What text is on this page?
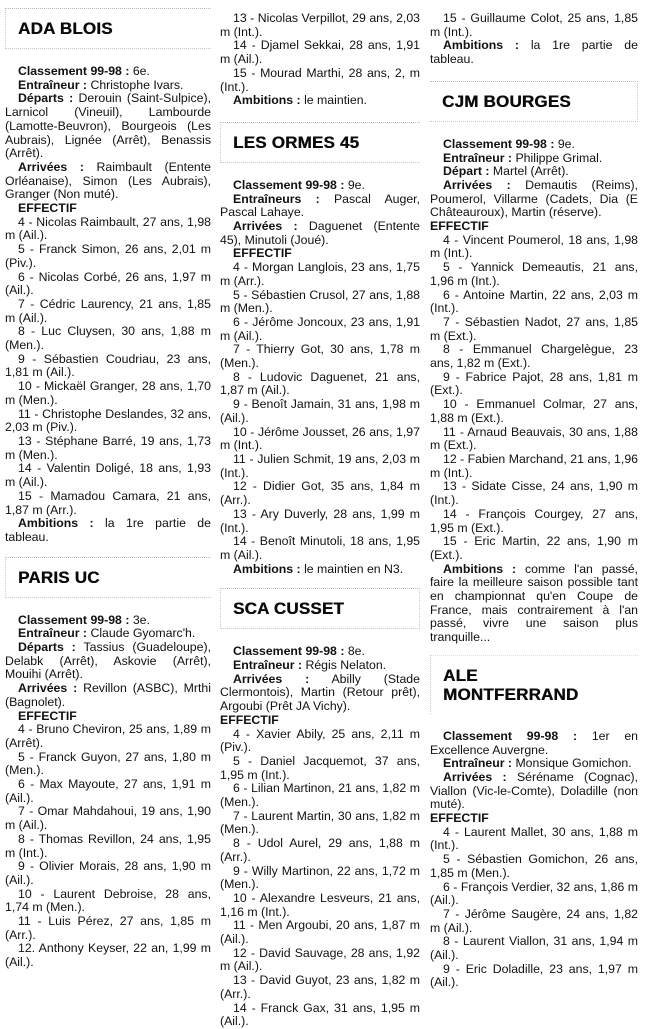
ADA BLOIS

Classement 99-98 : 6e.

Entraîneur : Christophe Ivars.

Départs : Derouin (Saint-Sulpice), Larnicol (Vineuil), Lambourde (Lamotte-Beuvron), Bourgeois (Les Aubrais), Lignée (Arrêt), Benassis (Arrêt).

Arrivées : Raimbault (Entente Orléanaise), Simon (Les Aubrais), Granger (Non muté).

EFFECTIF

4 - Nicolas Raimbault, 27 ans, 1,98 m (Ail.).

5 - Franck Simon, 26 ans, 2,01 m (Piv.).

6 - Nicolas Corbé, 26 ans, 1,97 m (Ail.).

7 - Cédric Laurency, 21 ans, 1,85 m (Ail.).

8 - Luc Cluysen, 30 ans, 1,88 m (Men.).

9 - Sébastien Coudriau, 23 ans, 1,81 m (Ail.).

10 - Mickaël Granger, 28 ans, 1,70 m (Men.).

11 - Christophe Deslandes, 32 ans, 2,03 m (Piv.).

13 - Stéphane Barré, 19 ans, 1,73 m (Men.).

14 - Valentin Doligé, 18 ans, 1,93 m (Ail.).

15 - Mamadou Camara, 21 ans, 1,87 m (Arr.).

Ambitions : la 1re partie de tableau.

PARIS UC

Classement 99-98 : 3e.

Entraîneur : Claude Gyomarc'h.

Départs : Tassius (Guadeloupe), Delabk (Arrêt), Askovie (Arrêt), Mouihi (Arrêt).

Arrivées : Revillon (ASBC), Mrthi (Bagnolet).

EFFECTIF

4 - Bruno Cheviron, 25 ans, 1,89 m (Arrêt).

5 - Franck Guyon, 27 ans, 1,80 m (Men.).

6 - Max Mayoute, 27 ans, 1,91 m (Ail.).

7 - Omar Mahdahoui, 19 ans, 1,90 m (Ail.).

8 - Thomas Revillon, 24 ans, 1,95 m (Int.).

9 - Olivier Morais, 28 ans, 1,90 m (Ail.).

10 - Laurent Debroise, 28 ans, 1,74 m (Men.).

11 - Luis Pérez, 27 ans, 1,85 m (Arr.).

12. Anthony Keyser, 22 an, 1,99 m (Ail.).

13 - Nicolas Verpillot, 29 ans, 2,03 m (Int.).

14 - Djamel Sekkai, 28 ans, 1,91 m (Ail.).

15 - Mourad Marthi, 28 ans, 2, m (Int.).

Ambitions : le maintien.

LES ORMES 45

Classement 99-98 : 9e.

Entraîneurs : Pascal Auger, Pascal Lahaye.

Arrivées : Daguenet (Entente 45), Minutoli (Joué).

EFFECTIF

4 - Morgan Langlois, 23 ans, 1,75 m (Arr.).

5 - Sébastien Crusol, 27 ans, 1,88 m (Men.).

6 - Jérôme Joncoux, 23 ans, 1,91 m (Ail.).

7 - Thierry Got, 30 ans, 1,78 m (Men.).

8 - Ludovic Daguenet, 21 ans, 1,87 m (Ail.).

9 - Benoît Jamain, 31 ans, 1,98 m (Ail.).

10 - Jérôme Jousset, 26 ans, 1,97 m (Int.).

11 - Julien Schmit, 19 ans, 2,03 m (Int.).

12 - Didier Got, 35 ans, 1,84 m (Arr.).

13 - Ary Duverly, 28 ans, 1,99 m (Int.).

14 - Benoît Minutoli, 18 ans, 1,95 m (Ail.).

Ambitions : le maintien en N3.

SCA CUSSET

Classement 99-98 : 8e.

Entraîneur : Régis Nelaton.

Arrivées : Abilly (Stade Clermontois), Martin (Retour prêt), Argoubi (Prêt JA Vichy).

EFFECTIF

4 - Xavier Abily, 25 ans, 2,11 m (Piv.).

5 - Daniel Jacquemot, 37 ans, 1,95 m (Int.).

6 - Lilian Martinon, 21 ans, 1,82 m (Men.).

7 - Laurent Martin, 30 ans, 1,82 m (Men.).

8 - Udol Aurel, 29 ans, 1,88 m (Arr.).

9 - Willy Martinon, 22 ans, 1,72 m (Men.).

10 - Alexandre Lesveurs, 21 ans, 1,16 m (Int.).

11 - Men Argoubi, 20 ans, 1,87 m (Ail.).

12 - David Sauvage, 28 ans, 1,92 m (Ail.).

13 - David Guyot, 23 ans, 1,82 m (Arr.).

14 - Franck Gax, 31 ans, 1,95 m (Ail.).

15 - Guillaume Colot, 25 ans, 1,85 m (Int.).

Ambitions : la 1re partie de tableau.

CJM BOURGES

Classement 99-98 : 9e.

Entraîneur : Philippe Grimal.

Départ : Martel (Arrêt).

Arrivées : Demautis (Reims), Poumerol, Villarme (Cadets, Dia (E Châteauroux), Martin (réserve).

EFFECTIF

4 - Vincent Poumerol, 18 ans, 1,98 m (Int.).

5 - Yannick Demeautis, 21 ans, 1,96 m (Int.).

6 - Antoine Martin, 22 ans, 2,03 m (Int.).

7 - Sébastien Nadot, 27 ans, 1,85 m (Ext.).

8 - Emmanuel Chargelègue, 23 ans, 1,82 m (Ext.).

9 - Fabrice Pajot, 28 ans, 1,81 m (Ext.).

10 - Emmanuel Colmar, 27 ans, 1,88 m (Ext.).

11 - Arnaud Beauvais, 30 ans, 1,88 m (Ext.).

12 - Fabien Marchand, 21 ans, 1,96 m (Int.).

13 - Sidate Cisse, 24 ans, 1,90 m (Int.).

14 - François Courgey, 27 ans, 1,95 m (Ext.).

15 - Eric Martin, 22 ans, 1,90 m (Ext.).

Ambitions : comme l'an passé, faire la meilleure saison possible tant en championnat qu'en Coupe de France, mais contrairement à l'an passé, vivre une saison plus tranquille...

ALE
MONTFERRAND

Classement 99-98 : 1er en Excellence Auvergne.

Entraîneur : Monsique Gomichon.

Arrivées : Séréname (Cognac), Viallon (Vic-le-Comte), Doladille (non muté).

EFFECTIF

4 - Laurent Mallet, 30 ans, 1,88 m (Int.).

5 - Sébastien Gomichon, 26 ans, 1,85 m (Men.).

6 - François Verdier, 32 ans, 1,86 m (Ail.).

7 - Jérôme Saugère, 24 ans, 1,82 m (Ail.).

8 - Laurent Viallon, 31 ans, 1,94 m (Ail.).

9 - Eric Doladille, 23 ans, 1,97 m (Ail.).
